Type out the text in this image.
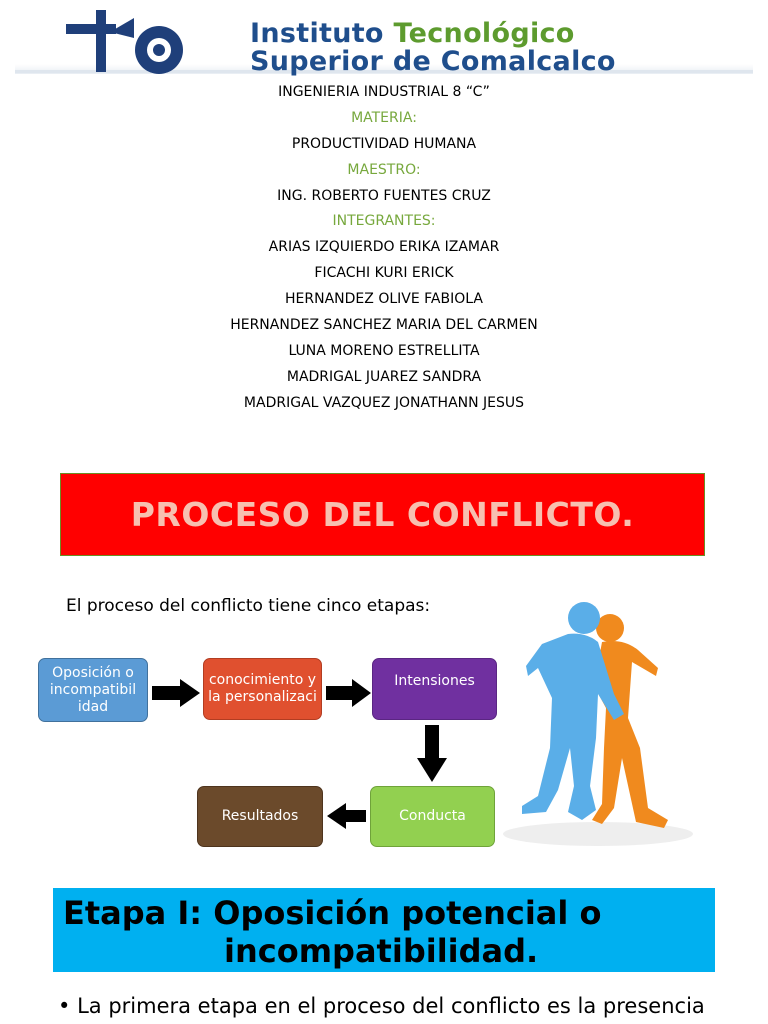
Instituto Tecnológico
Superior de Comalcalco
INGENIERIA INDUSTRIAL 8 “C”
MATERIA:
PRODUCTIVIDAD HUMANA
MAESTRO:
ING. ROBERTO FUENTES CRUZ
INTEGRANTES:
ARIAS IZQUIERDO ERIKA IZAMAR
FICACHI KURI ERICK
HERNANDEZ OLIVE FABIOLA
HERNANDEZ SANCHEZ MARIA DEL CARMEN
LUNA MORENO ESTRELLITA
MADRIGAL JUAREZ SANDRA
MADRIGAL VAZQUEZ JONATHANN JESUS
PROCESO DEL CONFLICTO.
El proceso del conflicto tiene cinco etapas:
Oposición o incompatibil idad
conocimiento y la personalizaci
Intensiones
Conducta
Resultados
Etapa I: Oposición potencial o
incompatibilidad.
• La primera etapa en el proceso del conflicto es la presencia
